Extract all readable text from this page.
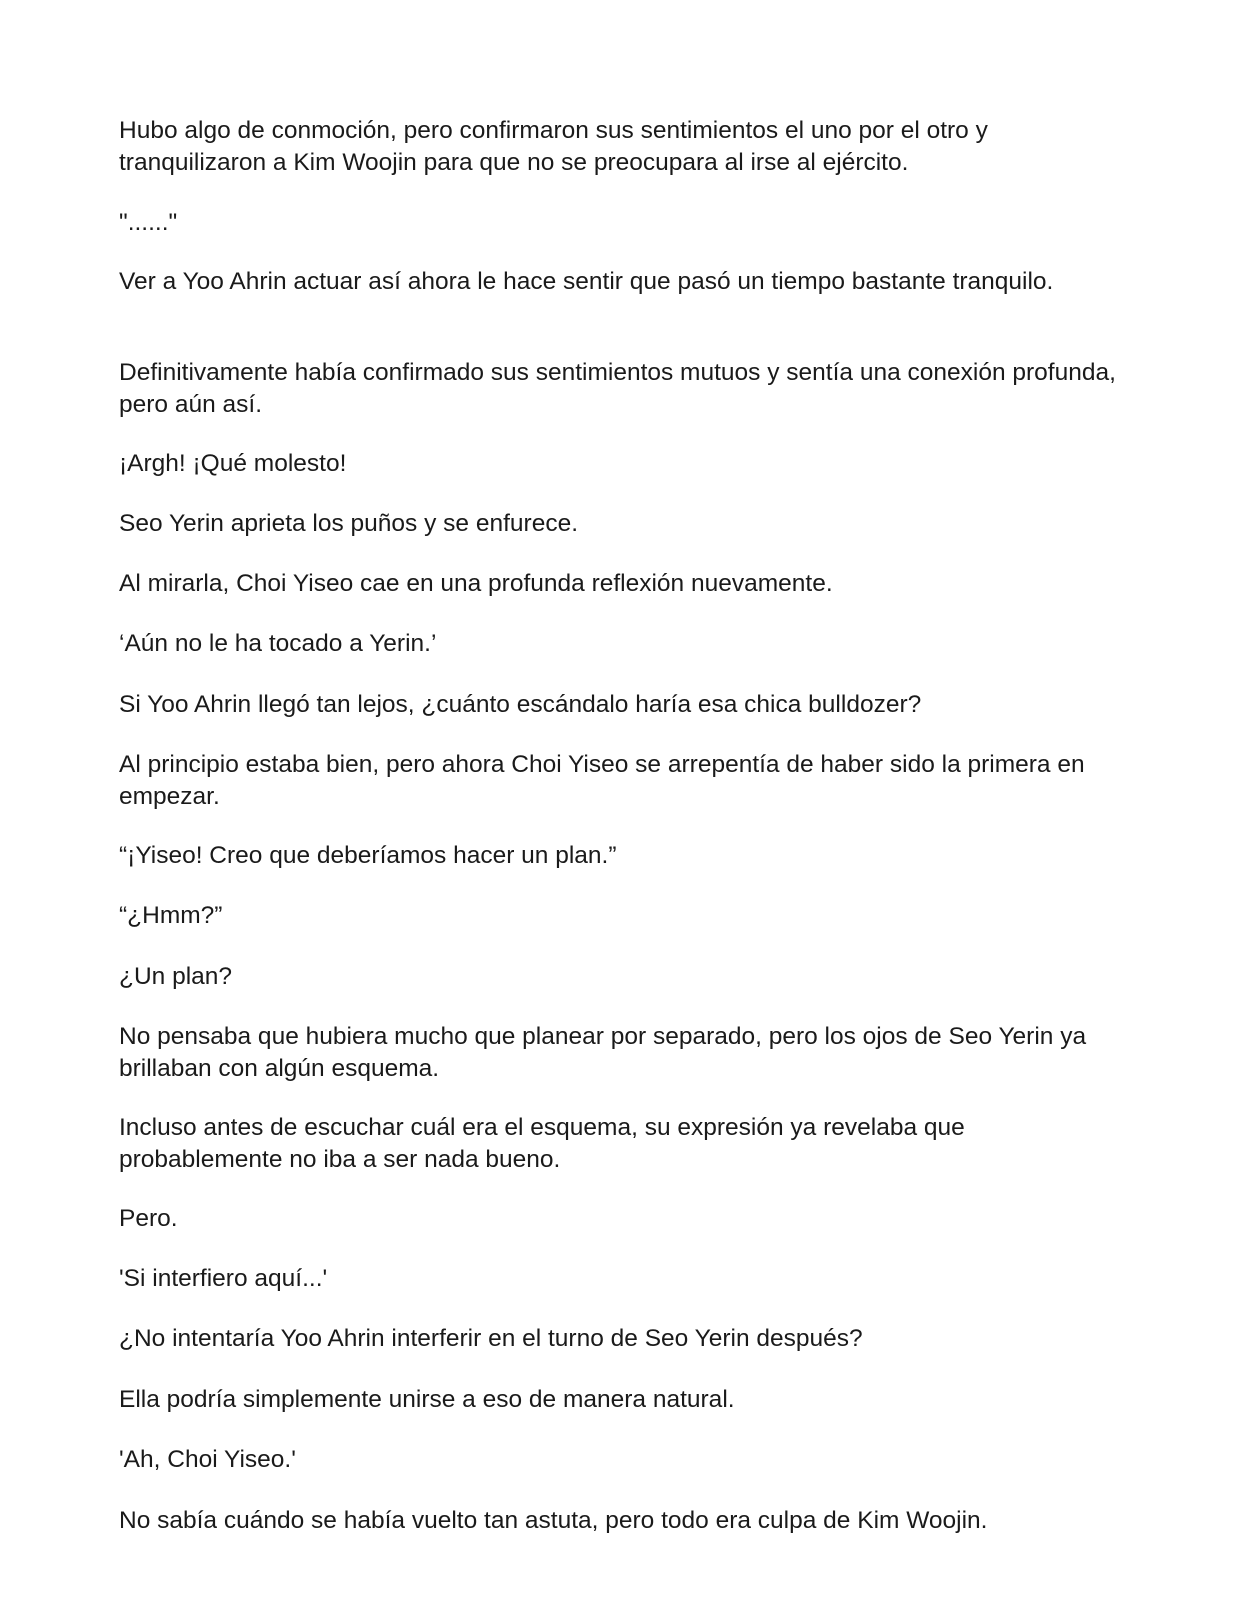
Hubo algo de conmoción, pero confirmaron sus sentimientos el uno por el otro y tranquilizaron a Kim Woojin para que no se preocupara al irse al ejército.

"......"

Ver a Yoo Ahrin actuar así ahora le hace sentir que pasó un tiempo bastante tranquilo.

Definitivamente había confirmado sus sentimientos mutuos y sentía una conexión profunda, pero aún así.

¡Argh! ¡Qué molesto!

Seo Yerin aprieta los puños y se enfurece.

Al mirarla, Choi Yiseo cae en una profunda reflexión nuevamente.

‘Aún no le ha tocado a Yerin.’

Si Yoo Ahrin llegó tan lejos, ¿cuánto escándalo haría esa chica bulldozer?

Al principio estaba bien, pero ahora Choi Yiseo se arrepentía de haber sido la primera en empezar.

“¡Yiseo! Creo que deberíamos hacer un plan.”

“¿Hmm?”

¿Un plan?

No pensaba que hubiera mucho que planear por separado, pero los ojos de Seo Yerin ya brillaban con algún esquema.

Incluso antes de escuchar cuál era el esquema, su expresión ya revelaba que probablemente no iba a ser nada bueno.

Pero.

'Si interfiero aquí...'

¿No intentaría Yoo Ahrin interferir en el turno de Seo Yerin después?

Ella podría simplemente unirse a eso de manera natural.

'Ah, Choi Yiseo.'

No sabía cuándo se había vuelto tan astuta, pero todo era culpa de Kim Woojin.
